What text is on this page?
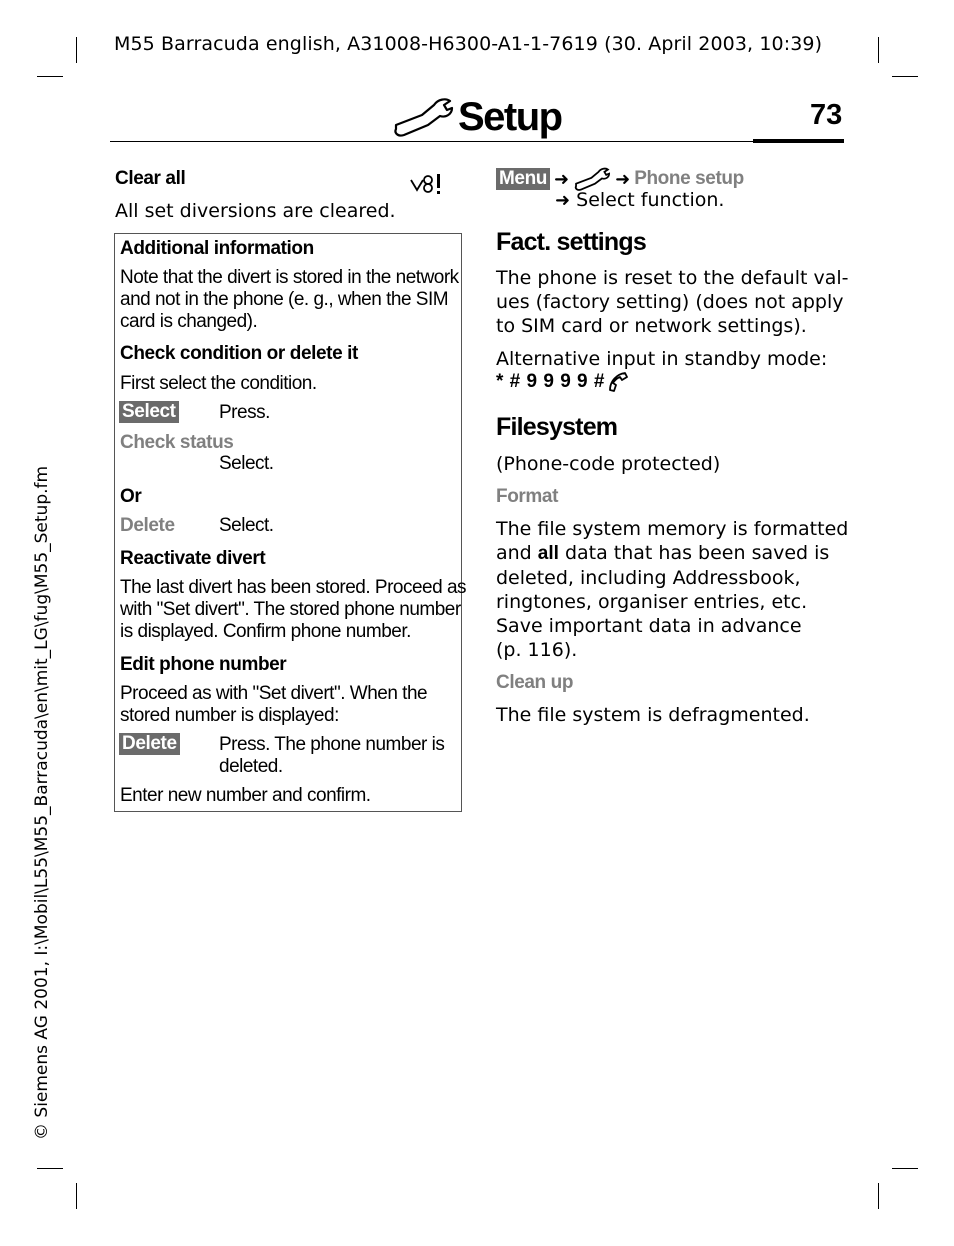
M55 Barracuda english, A31008-H6300-A1-1-7619 (30. April 2003, 10:39)
Setup	73
© Siemens AG 2001, I:\Mobil\L55\M55_Barracuda\en\mit_LG\fug\M55_Setup.fm
Clear all
All set diversions are cleared.
Additional information
Note that the divert is stored in the network
and not in the phone (e. g., when the SIM
card is changed).
Check condition or delete it
First select the condition.
Select Press.
Check status
Select.
Or
Delete Select.
Reactivate divert
The last divert has been stored. Proceed as
with "Set divert". The stored phone number
is displayed. Confirm phone number.
Edit phone number
Proceed as with "Set divert". When the
stored number is displayed:
Delete Press. The phone number is
deleted.
Enter new number and confirm.
Menu ➜	➜ Phone setup
➜ Select function.
Fact. settings
The phone is reset to the default val-
ues (factory setting) (does not apply
to SIM card or network settings).
Alternative input in standby mode:
* # 9 9 9 9 #
Filesystem
(Phone-code protected)
Format
The file system memory is formatted
and all data that has been saved is
deleted, including Addressbook,
ringtones, organiser entries, etc.
Save important data in advance
(p. 116).
Clean up
The file system is defragmented.
